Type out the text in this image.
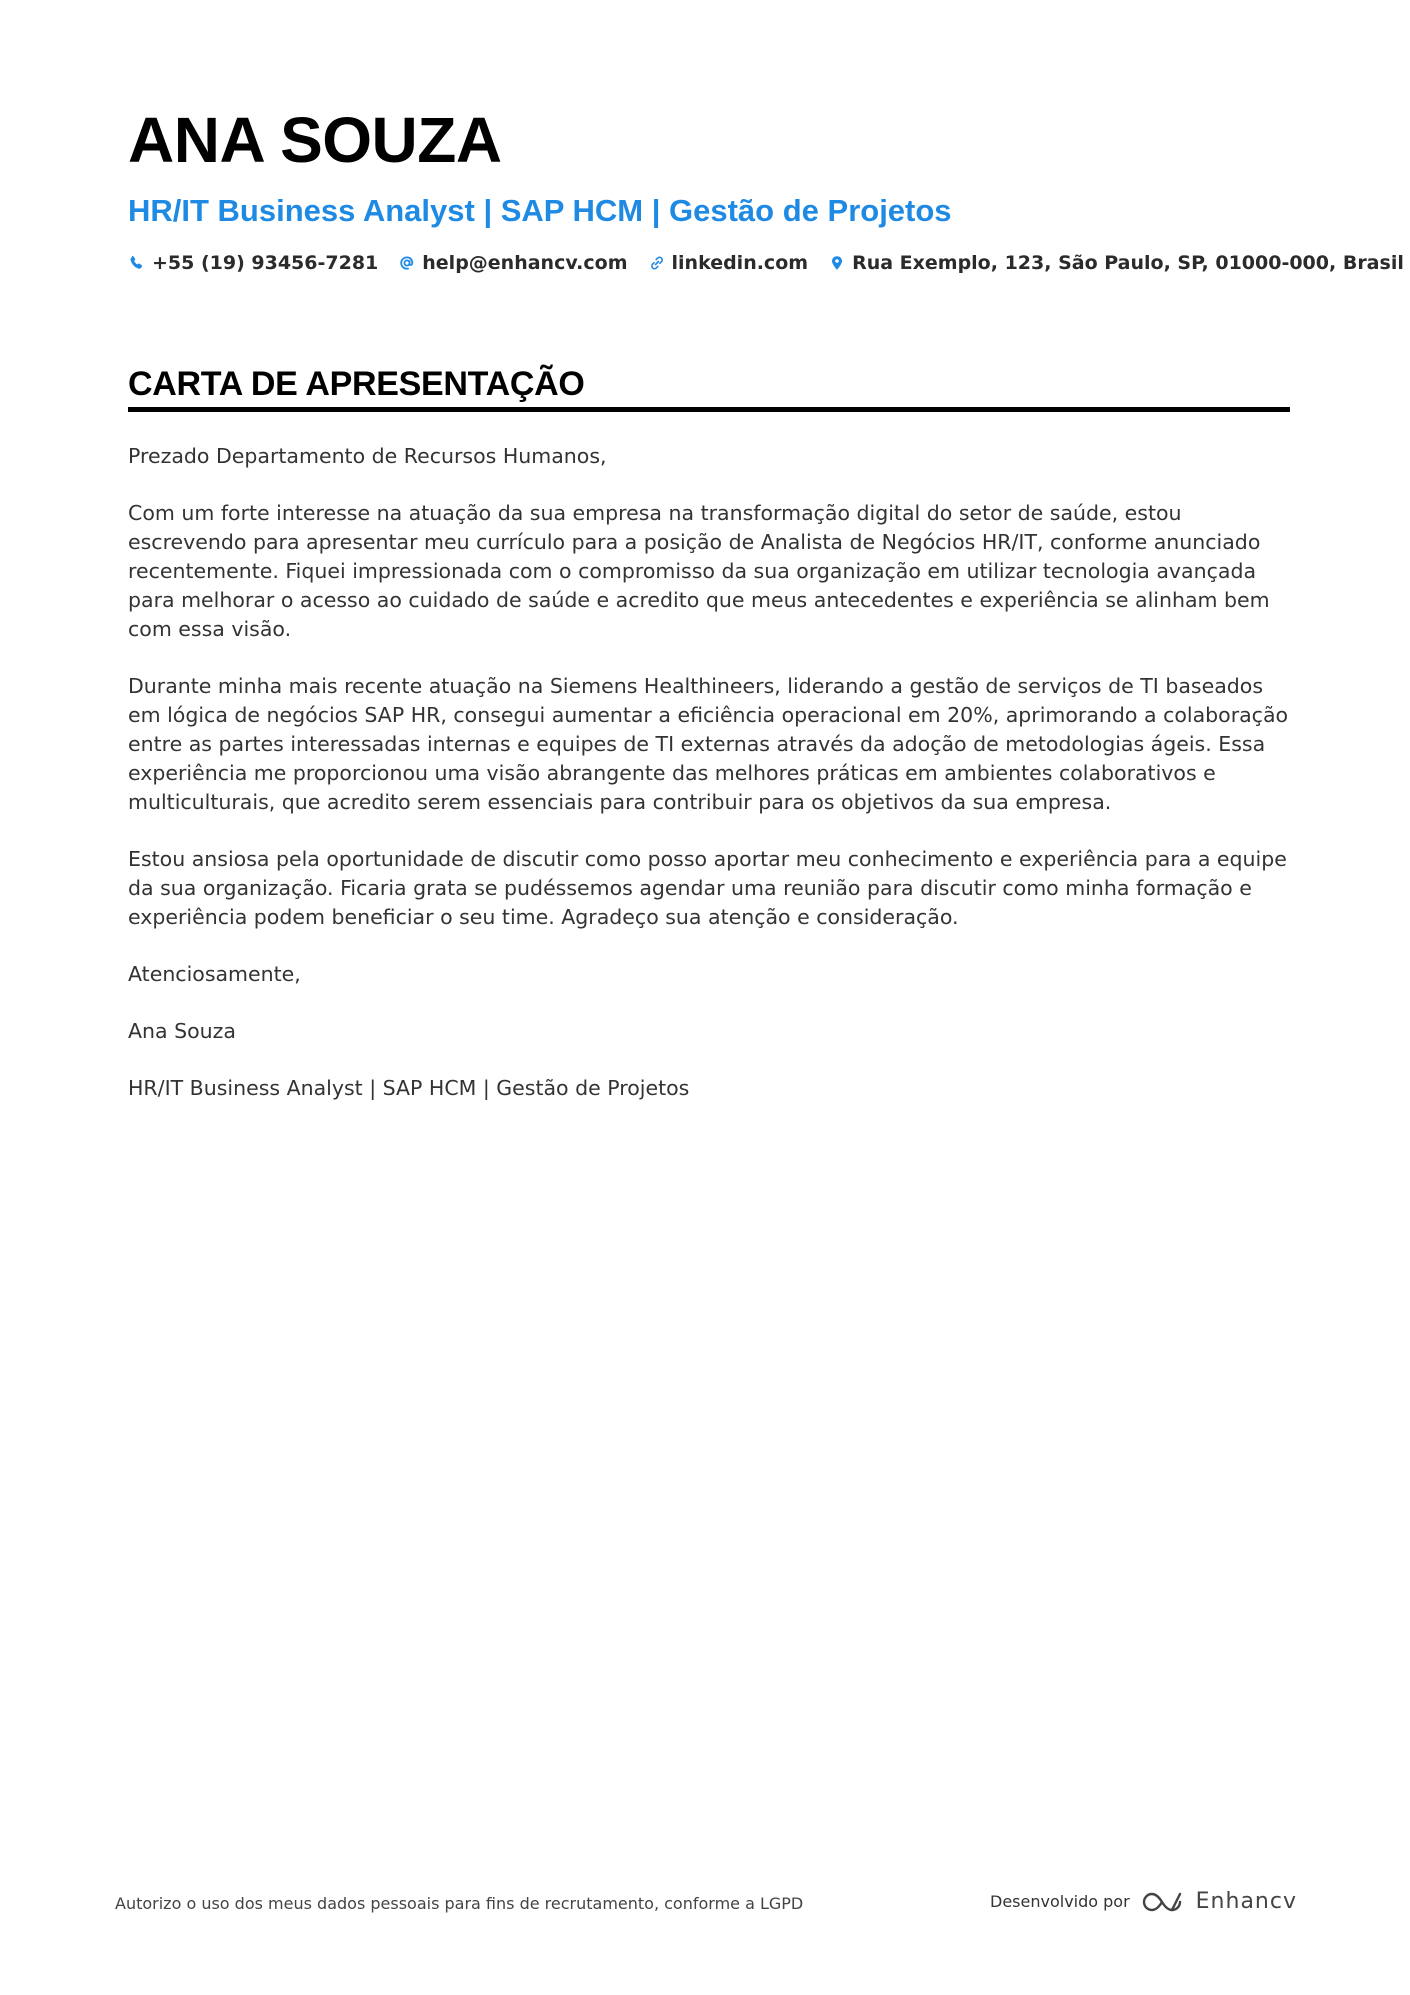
ANA SOUZA
HR/IT Business Analyst | SAP HCM | Gestão de Projetos
+55 (19) 93456-7281 help@enhancv.com linkedin.com Rua Exemplo, 123, São Paulo, SP, 01000-000, Brasil
CARTA DE APRESENTAÇÃO

Prezado Departamento de Recursos Humanos,

Com um forte interesse na atuação da sua empresa na transformação digital do setor de saúde, estou escrevendo para apresentar meu currículo para a posição de Analista de Negócios HR/IT, conforme anunciado recentemente. Fiquei impressionada com o compromisso da sua organização em utilizar tecnologia avançada para melhorar o acesso ao cuidado de saúde e acredito que meus antecedentes e experiência se alinham bem com essa visão.

Durante minha mais recente atuação na Siemens Healthineers, liderando a gestão de serviços de TI baseados em lógica de negócios SAP HR, consegui aumentar a eficiência operacional em 20%, aprimorando a colaboração entre as partes interessadas internas e equipes de TI externas através da adoção de metodologias ágeis. Essa experiência me proporcionou uma visão abrangente das melhores práticas em ambientes colaborativos e multiculturais, que acredito serem essenciais para contribuir para os objetivos da sua empresa.

Estou ansiosa pela oportunidade de discutir como posso aportar meu conhecimento e experiência para a equipe da sua organização. Ficaria grata se pudéssemos agendar uma reunião para discutir como minha formação e experiência podem beneficiar o seu time. Agradeço sua atenção e consideração.

Atenciosamente,

Ana Souza

HR/IT Business Analyst | SAP HCM | Gestão de Projetos

Autorizo o uso dos meus dados pessoais para fins de recrutamento, conforme a LGPD	Desenvolvido por	Enhancv
